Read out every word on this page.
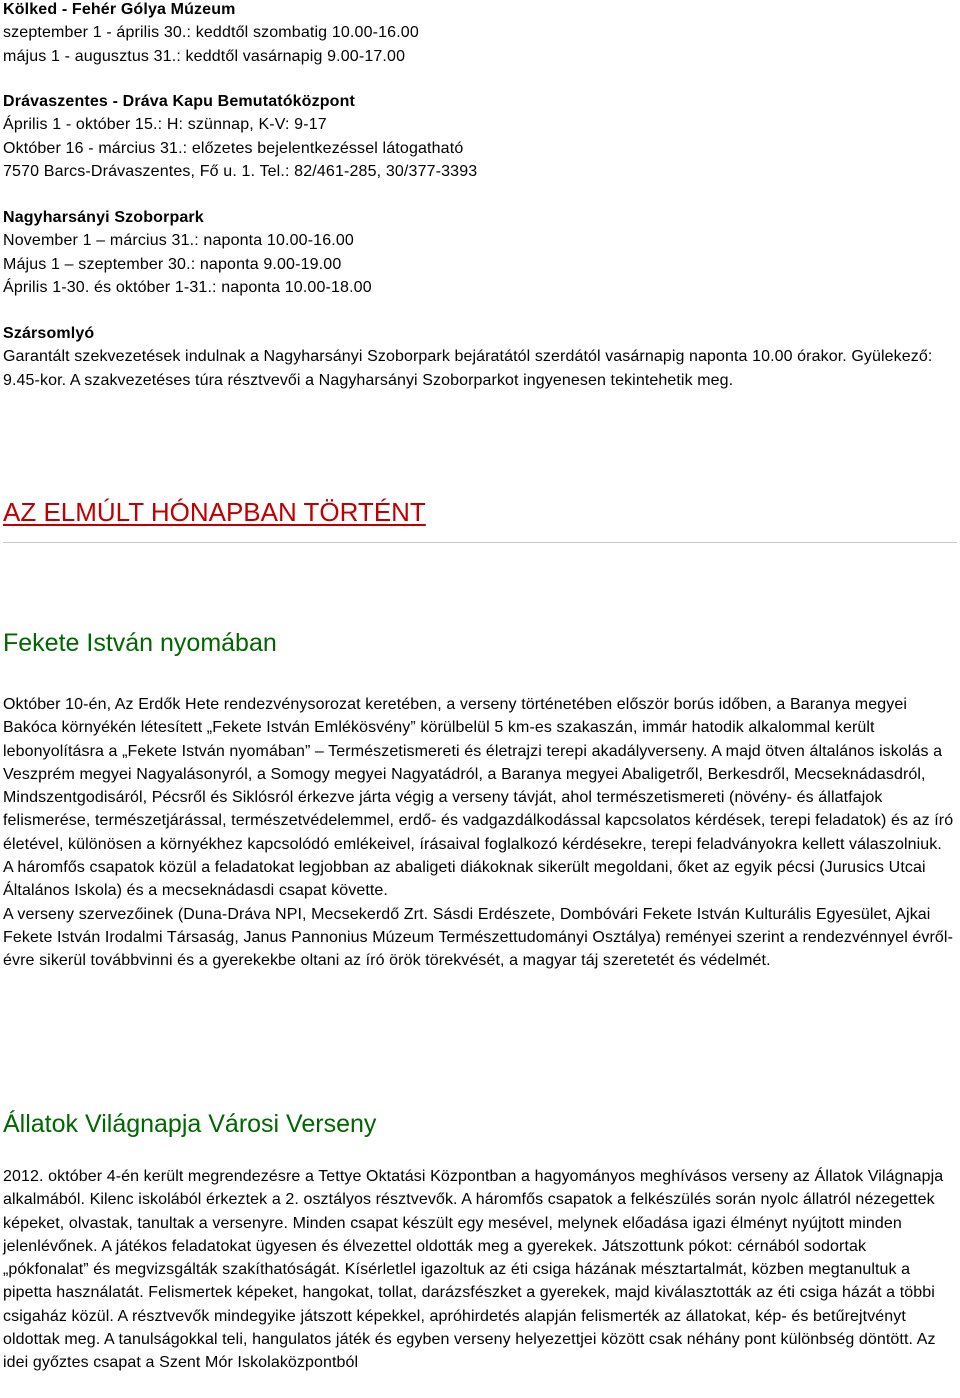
Kölked - Fehér Gólya Múzeum
szeptember 1 - április 30.: keddtől szombatig 10.00-16.00
május 1 - augusztus 31.: keddtől vasárnapig 9.00-17.00
Drávaszentes - Dráva Kapu Bemutatóközpont
Április 1 - október 15.: H: szünnap, K-V: 9-17
Október 16 - március 31.: előzetes bejelentkezéssel látogatható
7570 Barcs-Drávaszentes, Fő u. 1. Tel.: 82/461-285, 30/377-3393
Nagyharsányi Szoborpark
November 1 – március 31.: naponta 10.00-16.00
Május 1 – szeptember 30.: naponta 9.00-19.00
Április 1-30. és október 1-31.: naponta 10.00-18.00
Szársomlyó

Garantált szekvezetések indulnak a Nagyharsányi Szoborpark bejáratától szerdától vasárnapig naponta 10.00 órakor. Gyülekező: 9.45-kor. A szakvezetéses túra résztvevői a Nagyharsányi Szoborparkot ingyenesen tekintehetik meg.

AZ ELMÚLT HÓNAPBAN TÖRTÉNT
Fekete István nyomában

Október 10-én, Az Erdők Hete rendezvénysorozat keretében, a verseny történetében először borús időben, a Baranya megyei Bakóca környékén létesített „Fekete István Emlékösvény” körülbelül 5 km-es szakaszán, immár hatodik alkalommal került lebonyolításra a „Fekete István nyomában” – Természetismereti és életrajzi terepi akadályverseny. A majd ötven általános iskolás a Veszprém megyei Nagyalásonyról, a Somogy megyei Nagyatádról, a Baranya megyei Abaligetről, Berkesdről, Mecseknádasdról, Mindszentgodisáról, Pécsről és Siklósról érkezve járta végig a verseny távját, ahol természetismereti (növény- és állatfajok felismerése, természetjárással, természetvédelemmel, erdő- és vadgazdálkodással kapcsolatos kérdések, terepi feladatok) és az író életével, különösen a környékhez kapcsolódó emlékeivel, írásaival foglalkozó kérdésekre, terepi feladványokra kellett válaszolniuk.

A háromfős csapatok közül a feladatokat legjobban az abaligeti diákoknak sikerült megoldani, őket az egyik pécsi (Jurusics Utcai Általános Iskola) és a mecseknádasdi csapat követte.

A verseny szervezőinek (Duna-Dráva NPI, Mecsekerdő Zrt. Sásdi Erdészete, Dombóvári Fekete István Kulturális Egyesület, Ajkai Fekete István Irodalmi Társaság, Janus Pannonius Múzeum Természettudományi Osztálya) reményei szerint a rendezvénnyel évről-évre sikerül továbbvinni és a gyerekekbe oltani az író örök törekvését, a magyar táj szeretetét és védelmét.

Állatok Világnapja Városi Verseny

2012. október 4-én került megrendezésre a Tettye Oktatási Központban a hagyományos meghívásos verseny az Állatok Világnapja alkalmából. Kilenc iskolából érkeztek a 2. osztályos résztvevők. A háromfős csapatok a felkészülés során nyolc állatról nézegettek képeket, olvastak, tanultak a versenyre. Minden csapat készült egy mesével, melynek előadása igazi élményt nyújtott minden jelenlévőnek. A játékos feladatokat ügyesen és élvezettel oldották meg a gyerekek. Játszottunk pókot: cérnából sodortak „pókfonalat” és megvizsgálták szakíthatóságát. Kísérletlel igazoltuk az éti csiga házának mésztartalmát, közben megtanultuk a pipetta használatát. Felismertek képeket, hangokat, tollat, darázsfészket a gyerekek, majd kiválasztották az éti csiga házát a többi csigaház közül. A résztvevők mindegyike játszott képekkel, apróhirdetés alapján felismerték az állatokat, kép- és betűrejtvényt oldottak meg. A tanulságokkal teli, hangulatos játék és egyben verseny helyezettjei között csak néhány pont különbség döntött. Az idei győztes csapat a Szent Mór Iskolaközpontból
